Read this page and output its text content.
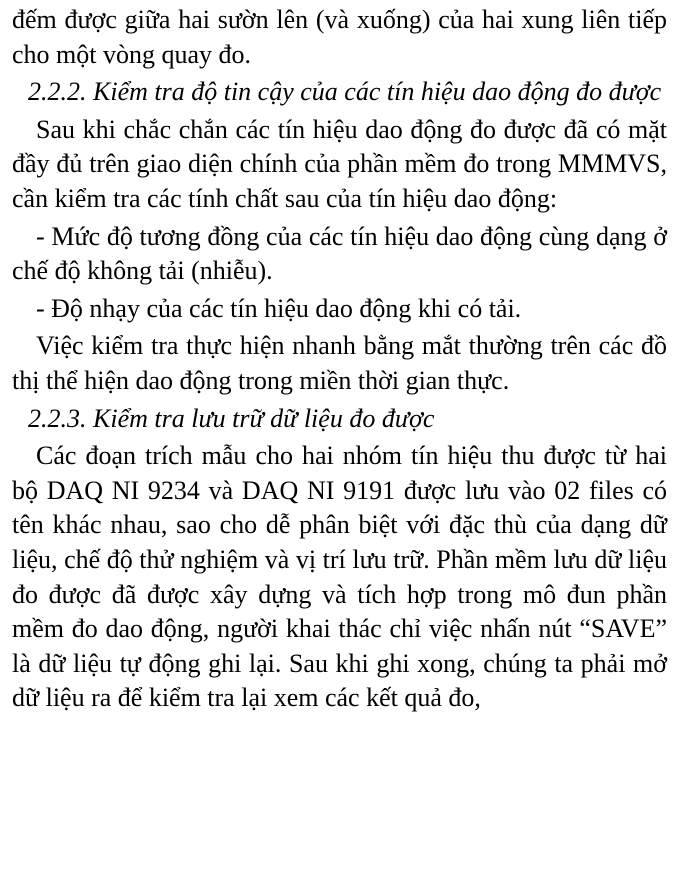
đếm được giữa hai sườn lên (và xuống) của hai xung liên tiếp cho một vòng quay đo.

2.2.2. Kiểm tra độ tin cậy của các tín hiệu dao động đo được

Sau khi chắc chắn các tín hiệu dao động đo được đã có mặt đầy đủ trên giao diện chính của phần mềm đo trong MMMVS, cần kiểm tra các tính chất sau của tín hiệu dao động:

- Mức độ tương đồng của các tín hiệu dao động cùng dạng ở chế độ không tải (nhiễu).

- Độ nhạy của các tín hiệu dao động khi có tải.

Việc kiểm tra thực hiện nhanh bằng mắt thường trên các đồ thị thể hiện dao động trong miền thời gian thực.

2.2.3. Kiểm tra lưu trữ dữ liệu đo được

Các đoạn trích mẫu cho hai nhóm tín hiệu thu được từ hai bộ DAQ NI 9234 và DAQ NI 9191 được lưu vào 02 files có tên khác nhau, sao cho dễ phân biệt với đặc thù của dạng dữ liệu, chế độ thử nghiệm và vị trí lưu trữ. Phần mềm lưu dữ liệu đo được đã được xây dựng và tích hợp trong mô đun phần mềm đo dao động, người khai thác chỉ việc nhấn nút “SAVE” là dữ liệu tự động ghi lại. Sau khi ghi xong, chúng ta phải mở dữ liệu ra để kiểm tra lại xem các kết quả đo,
